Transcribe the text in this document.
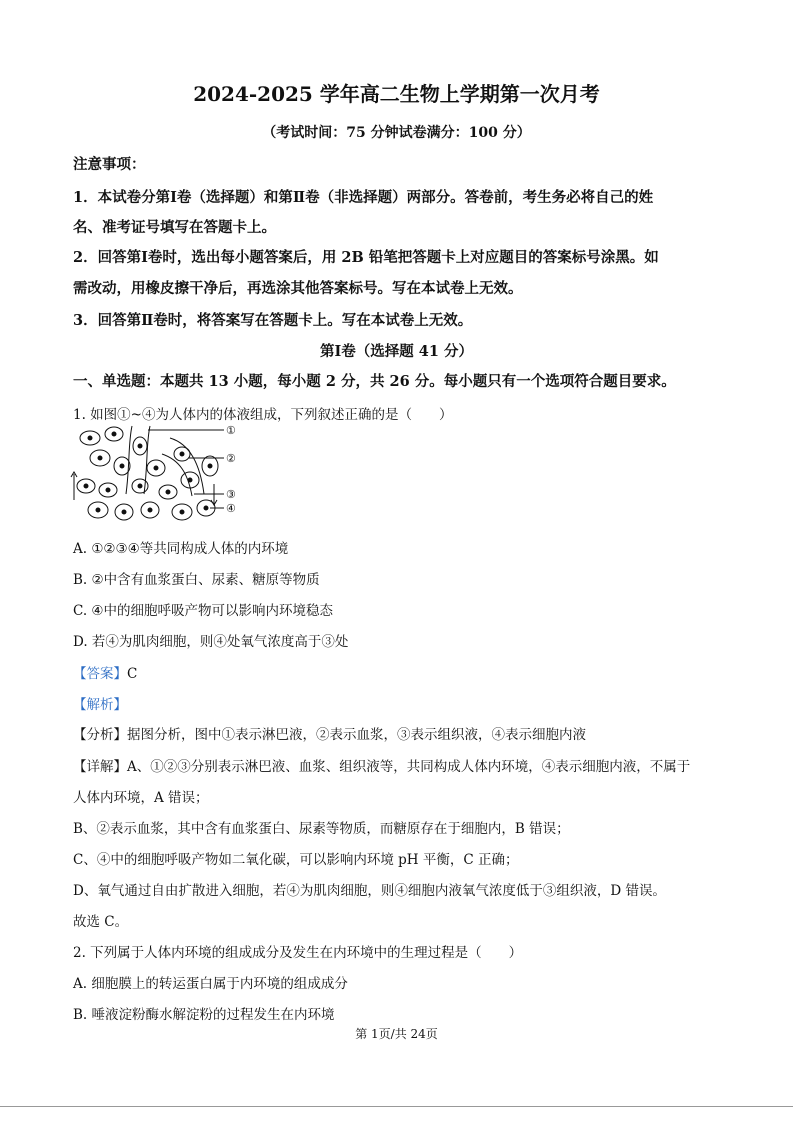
2024-2025 学年高二生物上学期第一次月考
（考试时间：75 分钟试卷满分：100 分）
注意事项：
1．本试卷分第Ⅰ卷（选择题）和第Ⅱ卷（非选择题）两部分。答卷前，考生务必将自己的姓
名、准考证号填写在答题卡上。
2．回答第Ⅰ卷时，选出每小题答案后，用 2B 铅笔把答题卡上对应题目的答案标号涂黑。如
需改动，用橡皮擦干净后，再选涂其他答案标号。写在本试卷上无效。
3．回答第Ⅱ卷时，将答案写在答题卡上。写在本试卷上无效。
第Ⅰ卷（选择题 41 分）
一、单选题：本题共 13 小题，每小题 2 分，共 26 分。每小题只有一个选项符合题目要求。
1. 如图①~④为人体内的体液组成，下列叙述正确的是（　　）
①
②
③
④
A. ①②③④等共同构成人体的内环境
B. ②中含有血浆蛋白、尿素、糖原等物质
C. ④中的细胞呼吸产物可以影响内环境稳态
D. 若④为肌肉细胞，则④处氧气浓度高于③处
【答案】C
【解析】
【分析】据图分析，图中①表示淋巴液，②表示血浆，③表示组织液，④表示细胞内液
【详解】A、①②③分别表示淋巴液、血浆、组织液等，共同构成人体内环境，④表示细胞内液，不属于
人体内环境，A 错误；
B、②表示血浆，其中含有血浆蛋白、尿素等物质，而糖原存在于细胞内，B 错误；
C、④中的细胞呼吸产物如二氧化碳，可以影响内环境 pH 平衡，C 正确；
D、氧气通过自由扩散进入细胞，若④为肌肉细胞，则④细胞内液氧气浓度低于③组织液，D 错误。
故选 C。
2. 下列属于人体内环境的组成成分及发生在内环境中的生理过程是（　　）
A. 细胞膜上的转运蛋白属于内环境的组成成分
B. 唾液淀粉酶水解淀粉的过程发生在内环境
第 1页/共 24页
